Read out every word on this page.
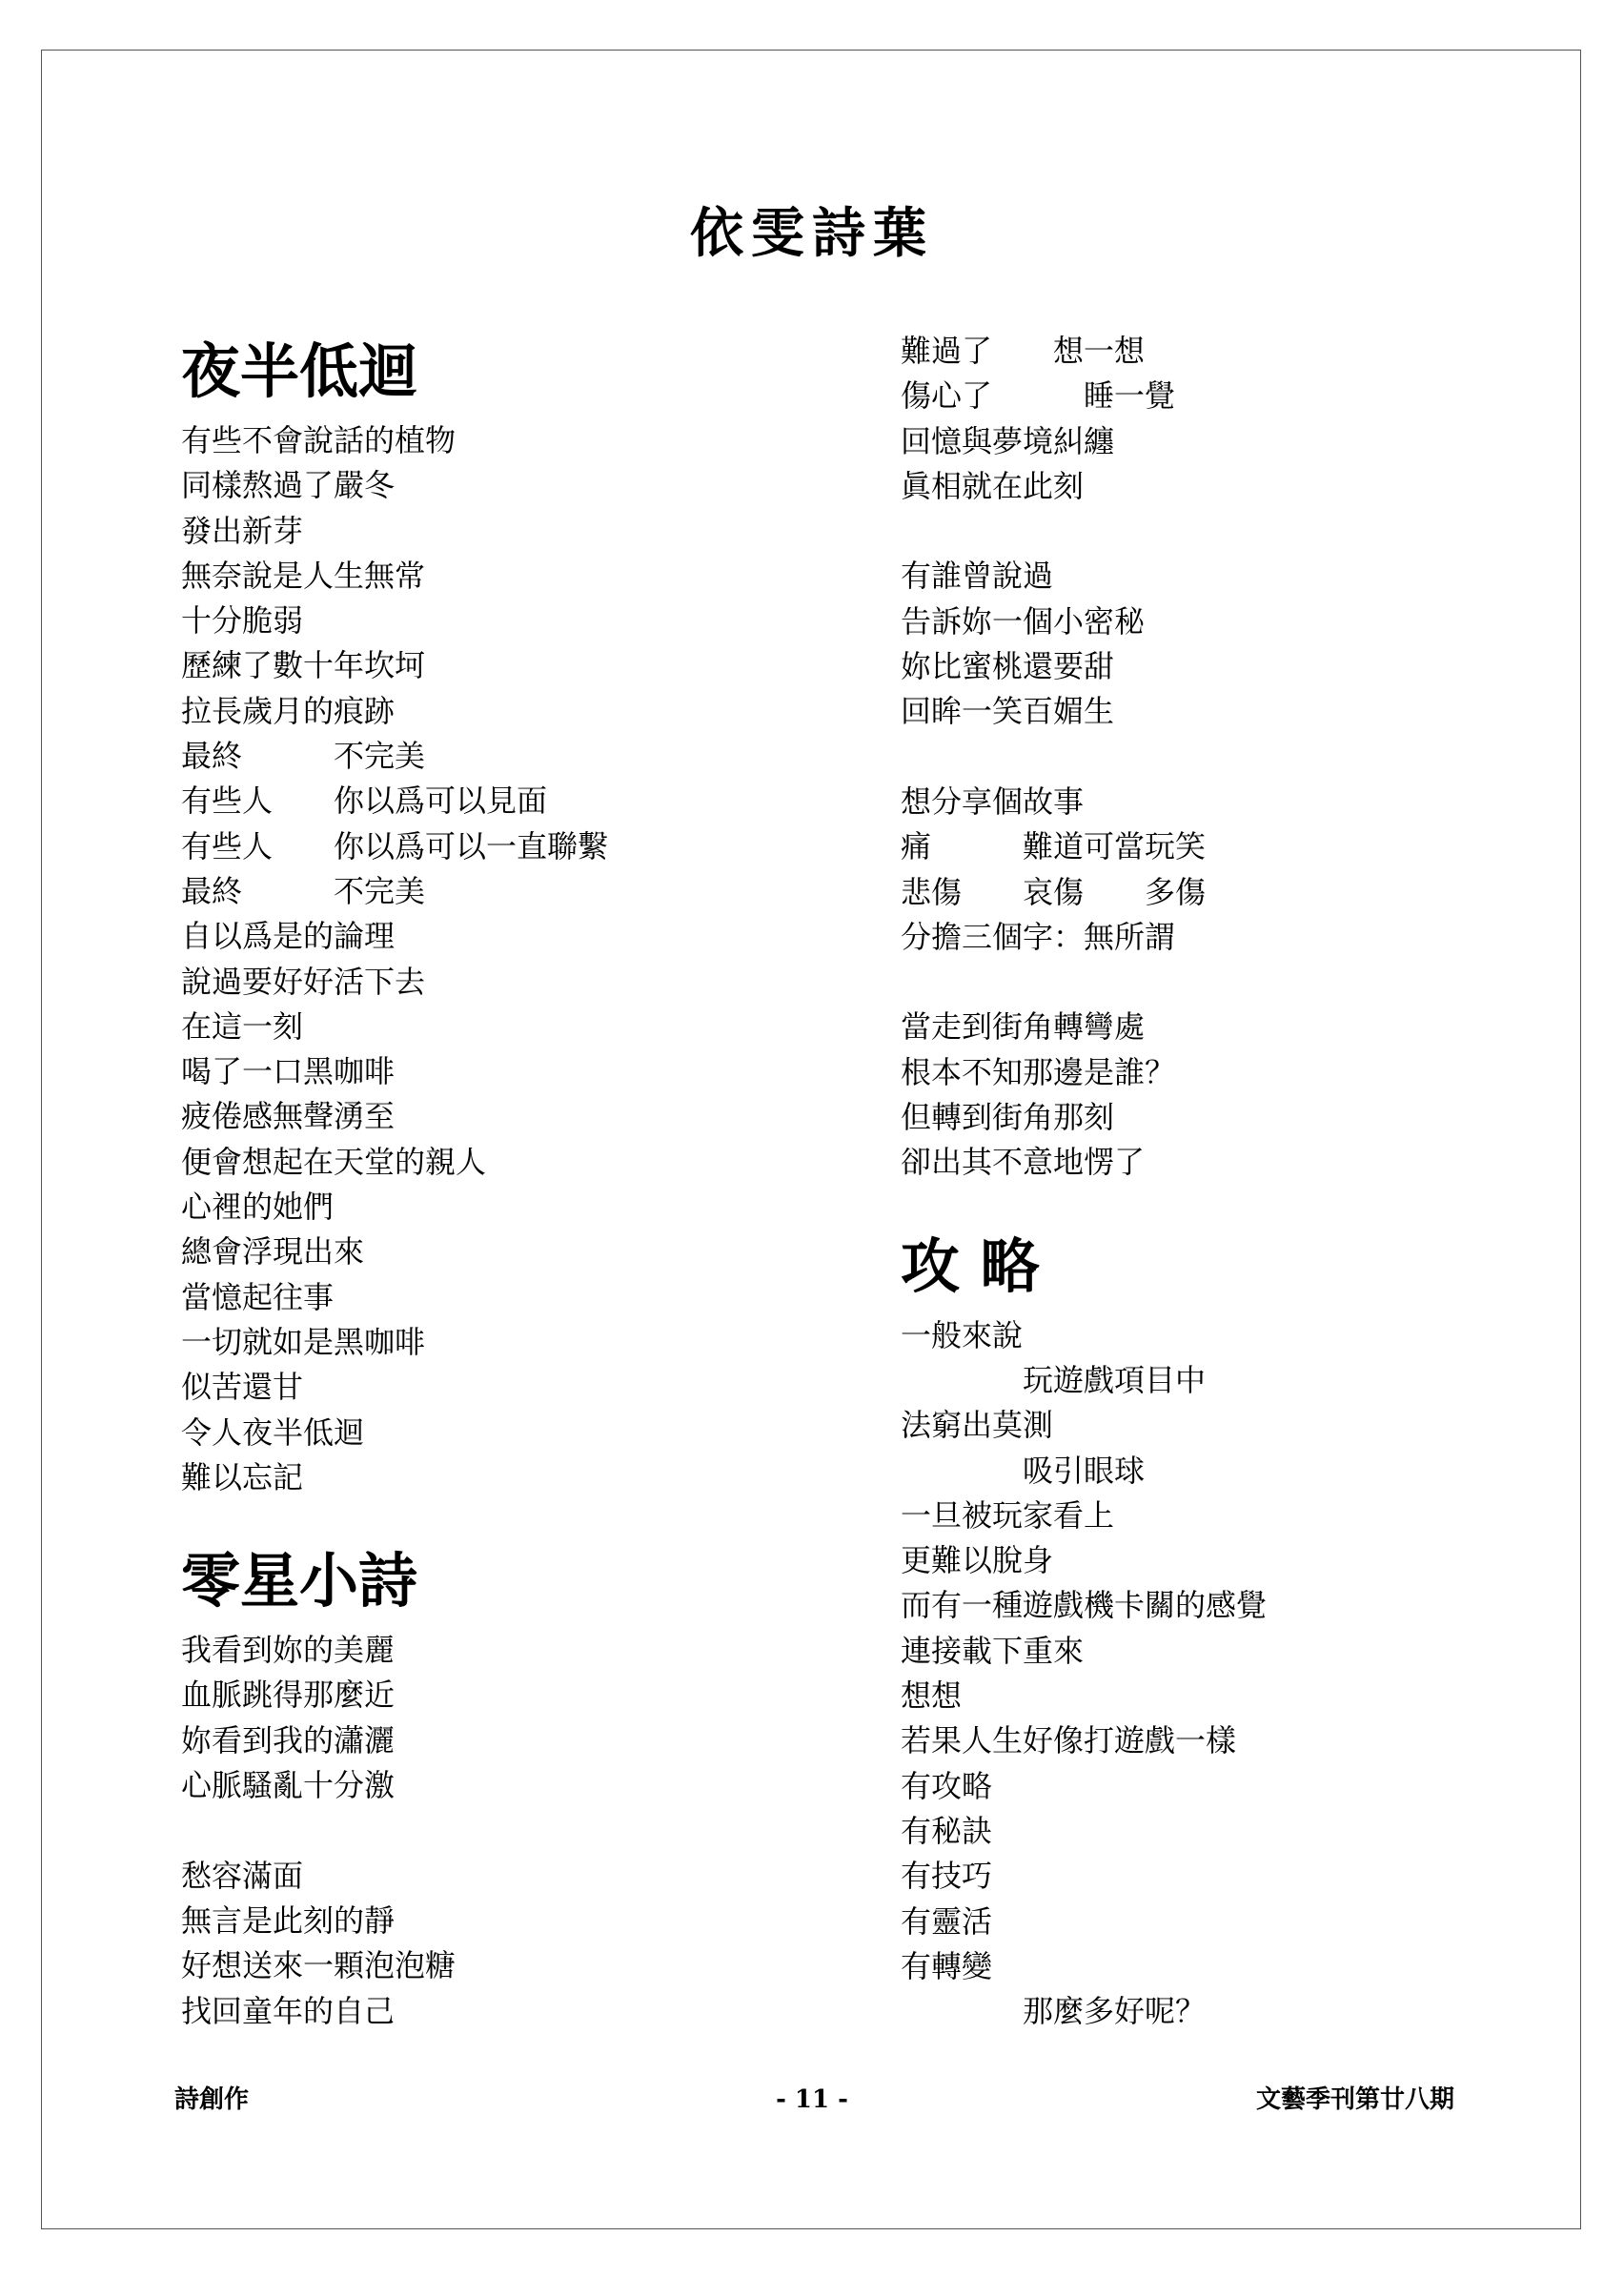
依雯詩葉
夜半低迴
有些不會說話的植物
同樣熬過了嚴冬
發出新芽
無奈說是人生無常
十分脆弱
歷練了數十年坎坷
拉長歲月的痕跡
最終　　　不完美
有些人　　你以爲可以見面
有些人　　你以爲可以一直聯繫
最終　　　不完美
自以爲是的論理
說過要好好活下去
在這一刻
喝了一口黑咖啡
疲倦感無聲湧至
便會想起在天堂的親人
心裡的她們
總會浮現出來
當憶起往事
一切就如是黑咖啡
似苦還甘
令人夜半低迴
難以忘記
零星小詩
我看到妳的美麗
血脈跳得那麼近
妳看到我的瀟灑
心脈騷亂十分激
愁容滿面
無言是此刻的靜
好想送來一顆泡泡糖
找回童年的自己
難過了　　想一想
傷心了　　　睡一覺
回憶與夢境糾纏
眞相就在此刻
有誰曾說過
告訴妳一個小密秘
妳比蜜桃還要甜
回眸一笑百媚生
想分享個故事
痛　　　難道可當玩笑
悲傷　　哀傷　　多傷
分擔三個字：無所謂
當走到街角轉彎處
根本不知那邊是誰？
但轉到街角那刻
卻出其不意地愣了
攻 略
一般來說
　　　　玩遊戲項目中
法窮出莫測
　　　　吸引眼球
一旦被玩家看上
更難以脫身
而有一種遊戲機卡關的感覺
連接載下重來
想想
若果人生好像打遊戲一樣
有攻略
有秘訣
有技巧
有靈活
有轉變
　　　　那麼多好呢？
詩創作	- 11 -	文藝季刊第廿八期
